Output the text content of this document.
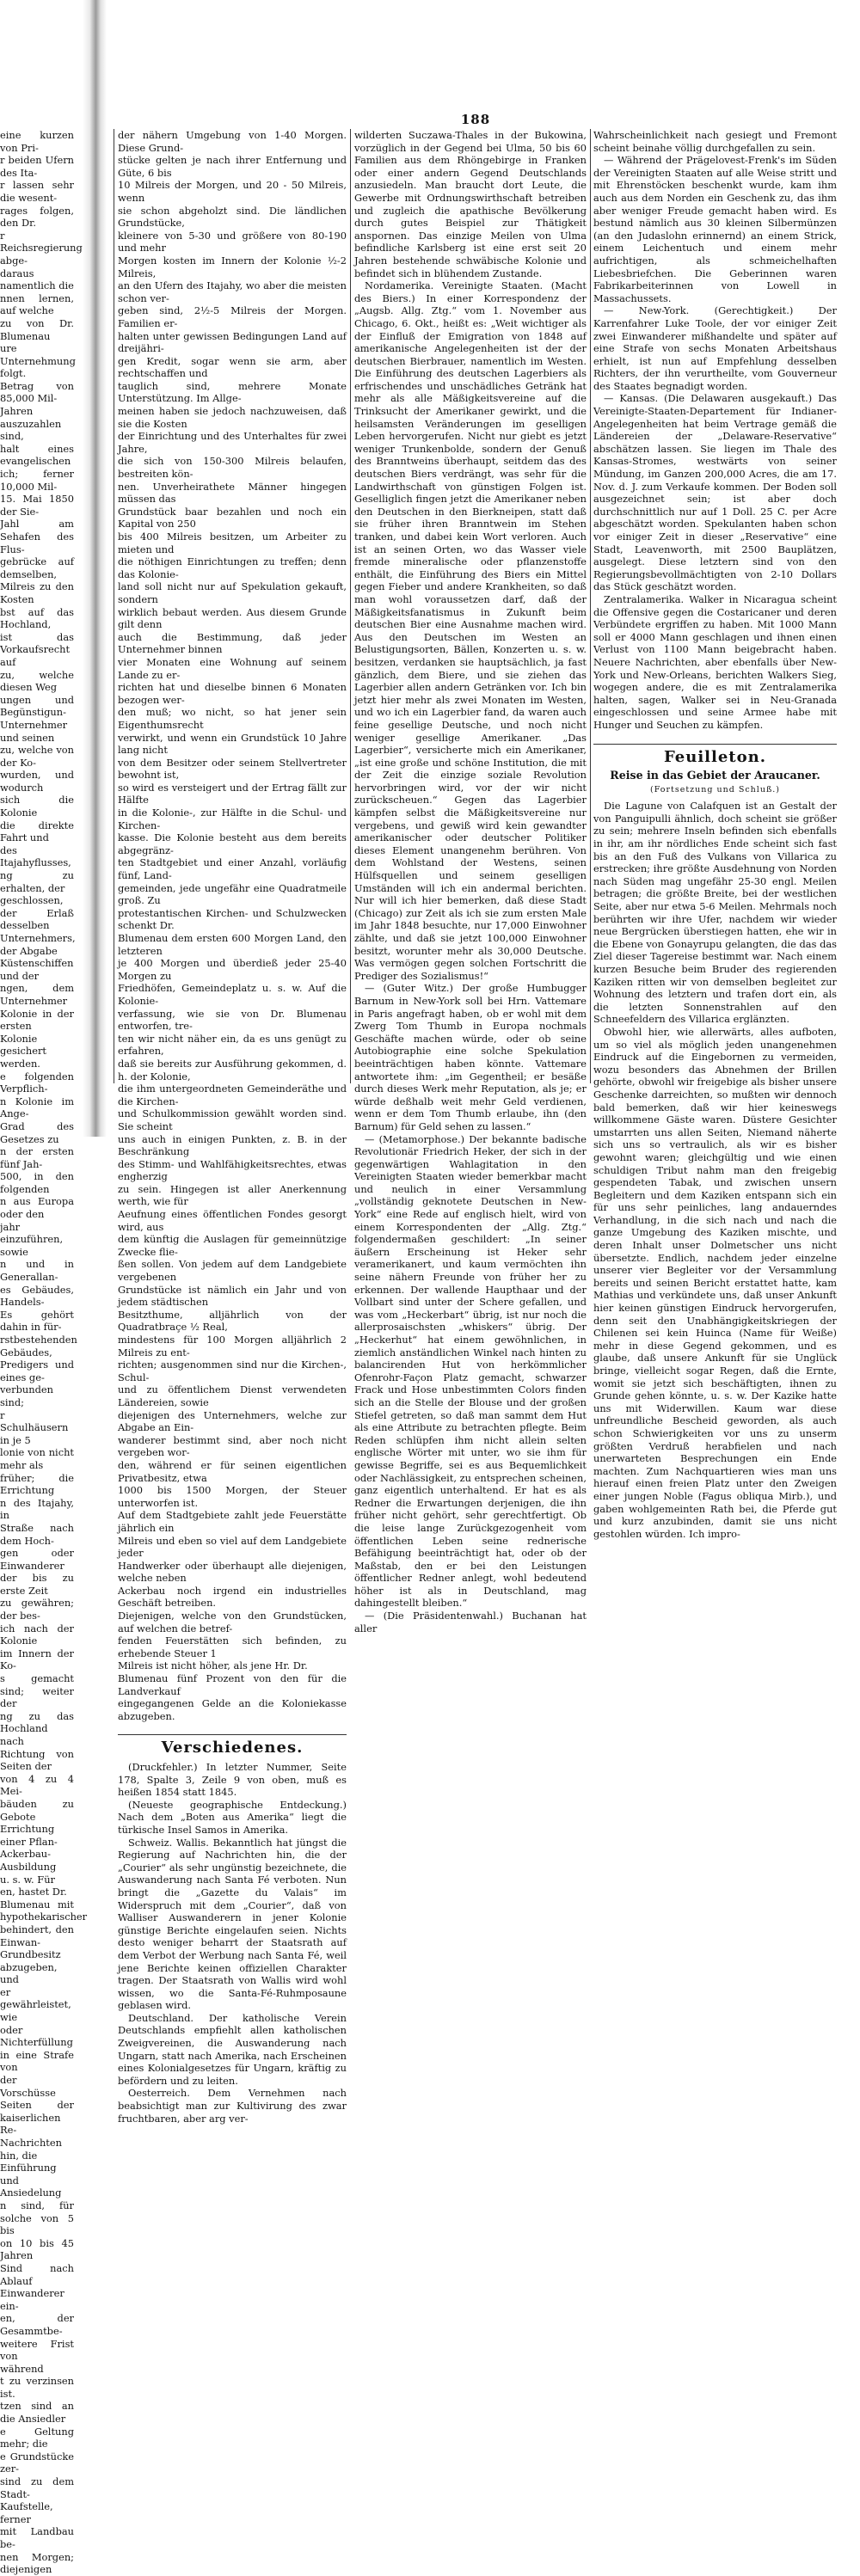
188

eine kurzen von Pri-

r beiden Ufern des Ita-

r lassen sehr die wesent-

rages folgen, den Dr.

r Reichsregierung abge-

daraus namentlich die

nnen lernen, auf welche

zu von Dr. Blumenau

ure Unternehmung folgt.

Betrag von 85,000 Mil-

Jahren auszuzahlen sind,

halt eines evangelischen

ich; ferner 10,000 Mil-

15. Mai 1850 der Sie-

Jahl am Sehafen des Flus-

gebrücke auf demselben,

Milreis zu den Kosten

bst auf das Hochland,

ist das Vorkaufsrecht auf

zu, welche diesen Weg

ungen und Begünstigun-

Unternehmer und seinen

zu, welche von der Ko-

wurden, und wodurch

sich die Kolonie

die direkte Fahrt und

des Itajahyflusses,

ng zu erhalten, der

geschlossen, der Erlaß desselben

Unternehmers, der Abgabe

Küstenschiffen und der

ngen, dem Unternehmer

Kolonie in der ersten

Kolonie gesichert werden.

e folgenden Verpflich-

n Kolonie im Ange-

Grad des Gesetzes zu

n der ersten fünf Jah-

500, in den folgenden

n aus Europa oder den

jahr einzuführen, sowie

n und in Generallan-

es Gebäudes, Handels-

Es gehört dahin in für-

rstbestehenden Gebäudes,

Predigers und eines ge-

verbunden sind;

r Schulhäusern in je 5

lonie von nicht mehr als

früher; die Errichtung

n des Itajahy, in

Straße nach dem Hoch-

gen oder Einwanderer

der bis zu erste Zeit

zu gewähren; der bes-

ich nach der Kolonie

im Innern der Ko-

s gemacht sind; weiter der

ng zu das Hochland nach

Richtung von Seiten der

von 4 zu 4 Mei-

bäuden zu Gebote

Errichtung einer Pflan-

Ackerbau-Ausbildung

u. s. w. Für

en, hastet Dr.

Blumenau mit hypothekarischer

behindert, den Einwan-

Grundbesitz abzugeben, und

er gewährleistet, wie

oder Nichterfüllung

in eine Strafe von

der Vorschüsse

Seiten der kaiserlichen Re-

Nachrichten hin, die

Einführung und Ansiedelung

n sind, für solche von 5 bis

on 10 bis 45 Jahren

Sind nach Ablauf

Einwanderer ein-

en, der Gesammtbe-

weitere Frist von

während

t zu verzinsen ist.

tzen sind an die Ansiedler

e Geltung mehr; die

e Grundstücke zer-

sind zu dem Stadt-

Kaufstelle, ferner

mit Landbau be-

nen Morgen; diejenigen

der nähern Umgebung von 1-40 Morgen. Diese Grund-

stücke gelten je nach ihrer Entfernung und Güte, 6 bis

10 Milreis der Morgen, und 20 - 50 Milreis, wenn

sie schon abgeholzt sind. Die ländlichen Grundstücke,

kleinere von 5-30 und größere von 80-190 und mehr

Morgen kosten im Innern der Kolonie ½-2 Milreis,

an den Ufern des Itajahy, wo aber die meisten schon ver-

geben sind, 2½-5 Milreis der Morgen. Familien er-

halten unter gewissen Bedingungen Land auf dreijähri-

gen Kredit, sogar wenn sie arm, aber rechtschaffen und

tauglich sind, mehrere Monate Unterstützung. Im Allge-

meinen haben sie jedoch nachzuweisen, daß sie die Kosten

der Einrichtung und des Unterhaltes für zwei Jahre,

die sich von 150-300 Milreis belaufen, bestreiten kön-

nen. Unverheirathete Männer hingegen müssen das

Grundstück baar bezahlen und noch ein Kapital von 250

bis 400 Milreis besitzen, um Arbeiter zu mieten und

die nöthigen Einrichtungen zu treffen; denn das Kolonie-

land soll nicht nur auf Spekulation gekauft, sondern

wirklich bebaut werden. Aus diesem Grunde gilt denn

auch die Bestimmung, daß jeder Unternehmer binnen

vier Monaten eine Wohnung auf seinem Lande zu er-

richten hat und dieselbe binnen 6 Monaten bezogen wer-

den muß; wo nicht, so hat jener sein Eigenthumsrecht

verwirkt, und wenn ein Grundstück 10 Jahre lang nicht

von dem Besitzer oder seinem Stellvertreter bewohnt ist,

so wird es versteigert und der Ertrag fällt zur Hälfte

in die Kolonie-, zur Hälfte in die Schul- und Kirchen-

kasse. Die Kolonie besteht aus dem bereits abgegränz-

ten Stadtgebiet und einer Anzahl, vorläufig fünf, Land-

gemeinden, jede ungefähr eine Quadratmeile groß. Zu

protestantischen Kirchen- und Schulzwecken schenkt Dr.

Blumenau dem ersten 600 Morgen Land, den letzteren

je 400 Morgen und überdieß jeder 25-40 Morgen zu

Friedhöfen, Gemeindeplatz u. s. w. Auf die Kolonie-

verfassung, wie sie von Dr. Blumenau entworfen, tre-

ten wir nicht näher ein, da es uns genügt zu erfahren,

daß sie bereits zur Ausführung gekommen, d. h. der Kolonie,

die ihm untergeordneten Gemeinderäthe und die Kirchen-

und Schulkommission gewählt worden sind. Sie scheint

uns auch in einigen Punkten, z. B. in der Beschränkung

des Stimm- und Wahlfähigkeitsrechtes, etwas engherzig

zu sein. Hingegen ist aller Anerkennung werth, wie für

Aeufnung eines öffentlichen Fondes gesorgt wird, aus

dem künftig die Auslagen für gemeinnützige Zwecke flie-

ßen sollen. Von jedem auf dem Landgebiete vergebenen

Grundstücke ist nämlich ein Jahr und von jedem städtischen

Besitzthume, alljährlich von der Quadratbraçe ½ Real,

mindestens für 100 Morgen alljährlich 2 Milreis zu ent-

richten; ausgenommen sind nur die Kirchen-, Schul-

und zu öffentlichem Dienst verwendeten Ländereien, sowie

diejenigen des Unternehmers, welche zur Abgabe an Ein-

wanderer bestimmt sind, aber noch nicht vergeben wor-

den, während er für seinen eigentlichen Privatbesitz, etwa

1000 bis 1500 Morgen, der Steuer unterworfen ist.

Auf dem Stadtgebiete zahlt jede Feuerstätte jährlich ein

Milreis und eben so viel auf dem Landgebiete jeder

Handwerker oder überhaupt alle diejenigen, welche neben

Ackerbau noch irgend ein industrielles Geschäft betreiben.

Diejenigen, welche von den Grundstücken, auf welchen die betref-

fenden Feuerstätten sich befinden, zu erhebende Steuer 1

Milreis ist nicht höher, als jene Hr. Dr.

Blumenau fünf Prozent von den für die Landverkauf

eingegangenen Gelde an die Koloniekasse abzugeben.

Verschiedenes.

(Druckfehler.) In letzter Nummer, Seite 178, Spalte 3, Zeile 9 von oben, muß es heißen 1854 statt 1845.

(Neueste geographische Entdeckung.) Nach dem „Boten aus Amerika“ liegt die türkische Insel Samos in Amerika.

Schweiz. Wallis. Bekanntlich hat jüngst die Regierung auf Nachrichten hin, die der „Courier“ als sehr ungünstig bezeichnete, die Auswanderung nach Santa Fé verboten. Nun bringt die „Gazette du Valais“ im Widerspruch mit dem „Courier“, daß von Walliser Auswanderern in jener Kolonie günstige Berichte eingelaufen seien. Nichts desto weniger beharrt der Staatsrath auf dem Verbot der Werbung nach Santa Fé, weil jene Berichte keinen offiziellen Charakter tragen. Der Staatsrath von Wallis wird wohl wissen, wo die Santa-Fé-Ruhmposaune geblasen wird.

Deutschland. Der katholische Verein Deutschlands empfiehlt allen katholischen Zweigvereinen, die Auswanderung nach Ungarn, statt nach Amerika, nach Erscheinen eines Kolonialgesetzes für Ungarn, kräftig zu befördern und zu leiten.

Oesterreich. Dem Vernehmen nach beabsichtigt man zur Kultivirung des zwar fruchtbaren, aber arg ver-

wilderten Suczawa-Thales in der Bukowina, vorzüglich in der Gegend bei Ulma, 50 bis 60 Familien aus dem Rhöngebirge in Franken oder einer andern Gegend Deutschlands anzusiedeln. Man braucht dort Leute, die Gewerbe mit Ordnungswirthschaft betreiben und zugleich die apathische Bevölkerung durch gutes Beispiel zur Thätigkeit anspornen. Das einzige Meilen von Ulma befindliche Karlsberg ist eine erst seit 20 Jahren bestehende schwäbische Kolonie und befindet sich in blühendem Zustande.

Nordamerika. Vereinigte Staaten. (Macht des Biers.) In einer Korrespondenz der „Augsb. Allg. Ztg.“ vom 1. November aus Chicago, 6. Okt., heißt es: „Weit wichtiger als der Einfluß der Emigration von 1848 auf amerikanische Angelegenheiten ist der der deutschen Bierbrauer, namentlich im Westen. Die Einführung des deutschen Lagerbiers als erfrischendes und unschädliches Getränk hat mehr als alle Mäßigkeitsvereine auf die Trinksucht der Amerikaner gewirkt, und die heilsamsten Veränderungen im geselligen Leben hervorgerufen. Nicht nur giebt es jetzt weniger Trunkenbolde, sondern der Genuß des Branntweins überhaupt, seitdem das des deutschen Biers verdrängt, was sehr für die Landwirthschaft von günstigen Folgen ist. Geselliglich fingen jetzt die Amerikaner neben den Deutschen in den Bierkneipen, statt daß sie früher ihren Branntwein im Stehen tranken, und dabei kein Wort verloren. Auch ist an seinen Orten, wo das Wasser viele fremde mineralische oder pflanzenstoffe enthält, die Einführung des Biers ein Mittel gegen Fieber und andere Krankheiten, so daß man wohl voraussetzen darf, daß der Mäßigkeitsfanatismus in Zukunft beim deutschen Bier eine Ausnahme machen wird. Aus den Deutschen im Westen an Belustigungsorten, Bällen, Konzerten u. s. w. besitzen, verdanken sie hauptsächlich, ja fast gänzlich, dem Biere, und sie ziehen das Lagerbier allen andern Getränken vor. Ich bin jetzt hier mehr als zwei Monaten im Westen, und wo ich ein Lagerbier fand, da waren auch feine gesellige Deutsche, und noch nicht weniger gesellige Amerikaner. „Das Lagerbier“, versicherte mich ein Amerikaner, „ist eine große und schöne Institution, die mit der Zeit die einzige soziale Revolution hervorbringen wird, vor der wir nicht zurückscheuen.“ Gegen das Lagerbier kämpfen selbst die Mäßigkeitsvereine nur vergebens, und gewiß wird kein gewandter amerikanischer oder deutscher Politiker dieses Element unangenehm berühren. Von dem Wohlstand der Westens, seinen Hülfsquellen und seinem geselligen Umständen will ich ein andermal berichten. Nur will ich hier bemerken, daß diese Stadt (Chicago) zur Zeit als ich sie zum ersten Male im Jahr 1848 besuchte, nur 17,000 Einwohner zählte, und daß sie jetzt 100,000 Einwohner besitzt, worunter mehr als 30,000 Deutsche. Was vermögen gegen solchen Fortschritt die Prediger des Sozialismus!“

— (Guter Witz.) Der große Humbugger Barnum in New-York soll bei Hrn. Vattemare in Paris angefragt haben, ob er wohl mit dem Zwerg Tom Thumb in Europa nochmals Geschäfte machen würde, oder ob seine Autobiographie eine solche Spekulation beeinträchtigen haben könnte. Vattemare antwortete ihm: „im Gegentheil; er besäße durch dieses Werk mehr Reputation, als je; er würde deßhalb weit mehr Geld verdienen, wenn er dem Tom Thumb erlaube, ihn (den Barnum) für Geld sehen zu lassen.“

— (Metamorphose.) Der bekannte badische Revolutionär Friedrich Heker, der sich in der gegenwärtigen Wahlagitation in den Vereinigten Staaten wieder bemerkbar macht und neulich in einer Versammlung „vollständig geknotete Deutschen in New-York“ eine Rede auf englisch hielt, wird von einem Korrespondenten der „Allg. Ztg.“ folgendermaßen geschildert: „In seiner äußern Erscheinung ist Heker sehr veramerikanert, und kaum vermöchten ihn seine nähern Freunde von früher her zu erkennen. Der wallende Haupthaar und der Vollbart sind unter der Schere gefallen, und was vom „Heckerbart“ übrig, ist nur noch die allerprosaischsten „whiskers“ übrig. Der „Heckerhut“ hat einem gewöhnlichen, in ziemlich anständlichen Winkel nach hinten zu balancirenden Hut von herkömmlicher Ofenrohr-Façon Platz gemacht, schwarzer Frack und Hose unbestimmten Colors finden sich an die Stelle der Blouse und der großen Stiefel getreten, so daß man sammt dem Hut als eine Attribute zu betrachten pflegte. Beim Reden schlüpfen ihm nicht allein selten englische Wörter mit unter, wo sie ihm für gewisse Begriffe, sei es aus Bequemlichkeit oder Nachlässigkeit, zu entsprechen scheinen, ganz eigentlich unterhaltend. Er hat es als Redner die Erwartungen derjenigen, die ihn früher nicht gehört, sehr gerechtfertigt. Ob die leise lange Zurückgezogenheit vom öffentlichen Leben seine rednerische Befähigung beeinträchtigt hat, oder ob der Maßstab, den er bei den Leistungen öffentlicher Redner anlegt, wohl bedeutend höher ist als in Deutschland, mag dahingestellt bleiben.“

— (Die Präsidentenwahl.) Buchanan hat aller

Wahrscheinlichkeit nach gesiegt und Fremont scheint beinahe völlig durchgefallen zu sein.

— Während der Prägelovest-Frenk's im Süden der Vereinigten Staaten auf alle Weise stritt und mit Ehrenstöcken beschenkt wurde, kam ihm auch aus dem Norden ein Geschenk zu, das ihm aber weniger Freude gemacht haben wird. Es bestund nämlich aus 30 kleinen Silbermünzen (an den Judaslohn erinnernd) an einem Strick, einem Leichentuch und einem mehr aufrichtigen, als schmeichelhaften Liebesbriefchen. Die Geberinnen waren Fabrikarbeiterinnen von Lowell in Massachussets.

— New-York. (Gerechtigkeit.) Der Karrenfahrer Luke Toole, der vor einiger Zeit zwei Einwanderer mißhandelte und später auf eine Strafe von sechs Monaten Arbeitshaus erhielt, ist nun auf Empfehlung desselben Richters, der ihn verurtheilte, vom Gouverneur des Staates begnadigt worden.

— Kansas. (Die Delawaren ausgekauft.) Das Vereinigte-Staaten-Departement für Indianer-Angelegenheiten hat beim Vertrage gemäß die Ländereien der „Delaware-Reservative“ abschätzen lassen. Sie liegen im Thale des Kansas-Stromes, westwärts von seiner Mündung, im Ganzen 200,000 Acres, die am 17. Nov. d. J. zum Verkaufe kommen. Der Boden soll ausgezeichnet sein; ist aber doch durchschnittlich nur auf 1 Doll. 25 C. per Acre abgeschätzt worden. Spekulanten haben schon vor einiger Zeit in dieser „Reservative“ eine Stadt, Leavenworth, mit 2500 Bauplätzen, ausgelegt. Diese letztern sind von den Regierungsbevollmächtigten von 2-10 Dollars das Stück geschätzt worden.

Zentralamerika. Walker in Nicaragua scheint die Offensive gegen die Costaricaner und deren Verbündete ergriffen zu haben. Mit 1000 Mann soll er 4000 Mann geschlagen und ihnen einen Verlust von 1100 Mann beigebracht haben. Neuere Nachrichten, aber ebenfalls über New-York und New-Orleans, berichten Walkers Sieg, wogegen andere, die es mit Zentralamerika halten, sagen, Walker sei in Neu-Granada eingeschlossen und seine Armee habe mit Hunger und Seuchen zu kämpfen.

Feuilleton.
Reise in das Gebiet der Araucaner.
(Fortsetzung und Schluß.)

Die Lagune von Calafquen ist an Gestalt der von Panguipulli ähnlich, doch scheint sie größer zu sein; mehrere Inseln befinden sich ebenfalls in ihr, am ihr nördliches Ende scheint sich fast bis an den Fuß des Vulkans von Villarica zu erstrecken; ihre größte Ausdehnung von Norden nach Süden mag ungefähr 25-30 engl. Meilen betragen; die größte Breite, bei der westlichen Seite, aber nur etwa 5-6 Meilen. Mehrmals noch berührten wir ihre Ufer, nachdem wir wieder neue Bergrücken überstiegen hatten, ehe wir in die Ebene von Gonayrupu gelangten, die das das Ziel dieser Tagereise bestimmt war. Nach einem kurzen Besuche beim Bruder des regierenden Kaziken ritten wir von demselben begleitet zur Wohnung des letztern und trafen dort ein, als die letzten Sonnenstrahlen auf den Schneefeldern des Villarica erglänzten.

Obwohl hier, wie allerwärts, alles aufboten, um so viel als möglich jeden unangenehmen Eindruck auf die Eingebornen zu vermeiden, wozu besonders das Abnehmen der Brillen gehörte, obwohl wir freigebige als bisher unsere Geschenke darreichten, so mußten wir dennoch bald bemerken, daß wir hier keineswegs willkommene Gäste waren. Düstere Gesichter umstarrten uns allen Seiten, Niemand näherte sich uns so vertraulich, als wir es bisher gewohnt waren; gleichgültig und wie einen schuldigen Tribut nahm man den freigebig gespendeten Tabak, und zwischen unsern Begleitern und dem Kaziken entspann sich ein für uns sehr peinliches, lang andauerndes Verhandlung, in die sich nach und nach die ganze Umgebung des Kaziken mischte, und deren Inhalt unser Dolmetscher uns nicht übersetzte. Endlich, nachdem jeder einzelne unserer vier Begleiter vor der Versammlung bereits und seinen Bericht erstattet hatte, kam Mathias und verkündete uns, daß unser Ankunft hier keinen günstigen Eindruck hervorgerufen, denn seit den Unabhängigkeitskriegen der Chilenen sei kein Huinca (Name für Weiße) mehr in diese Gegend gekommen, und es glaube, daß unsere Ankunft für sie Unglück bringe, vielleicht sogar Regen, daß die Ernte, womit sie jetzt sich beschäftigten, ihnen zu Grunde gehen könnte, u. s. w. Der Kazike hatte uns mit Widerwillen. Kaum war diese unfreundliche Bescheid geworden, als auch schon Schwierigkeiten vor uns zu unserm größten Verdruß herabfielen und nach unerwarteten Besprechungen ein Ende machten. Zum Nachquartieren wies man uns hierauf einen freien Platz unter den Zweigen einer jungen Noble (Fagus obliqua Mirb.), und gaben wohlgemeinten Rath bei, die Pferde gut und kurz anzubinden, damit sie uns nicht gestohlen würden. Ich impro-
